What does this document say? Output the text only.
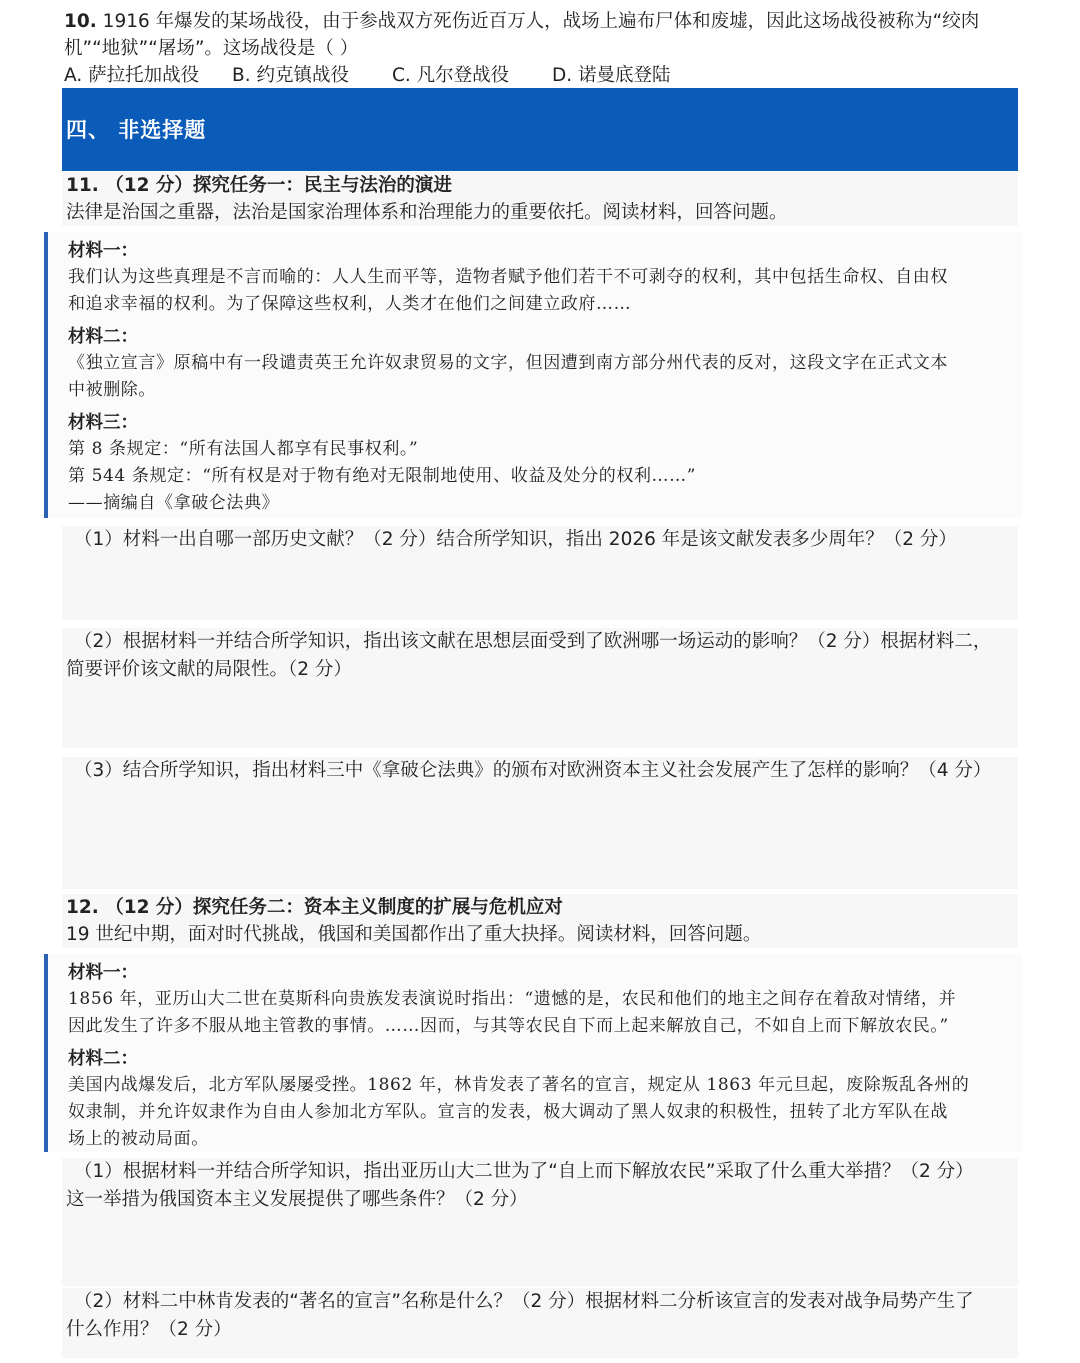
10. 1916 年爆发的某场战役，由于参战双方死伤近百万人，战场上遍布尸体和废墟，因此这场战役被称为“绞肉
机”“地狱”“屠场”。这场战役是（ ）
A. 萨拉托加战役 B. 约克镇战役 C. 凡尔登战役 D. 诺曼底登陆
四、 非选择题
11. （12 分）探究任务一：民主与法治的演进
法律是治国之重器，法治是国家治理体系和治理能力的重要依托。阅读材料，回答问题。
材料一：
我们认为这些真理是不言而喻的：人人生而平等，造物者赋予他们若干不可剥夺的权利，其中包括生命权、自由权
和追求幸福的权利。为了保障这些权利，人类才在他们之间建立政府……
材料二：
《独立宣言》原稿中有一段谴责英王允许奴隶贸易的文字，但因遭到南方部分州代表的反对，这段文字在正式文本
中被删除。
材料三：
第 8 条规定：“所有法国人都享有民事权利。”
第 544 条规定：“所有权是对于物有绝对无限制地使用、收益及处分的权利……”
——摘编自《拿破仑法典》
（1）材料一出自哪一部历史文献？（2 分）结合所学知识，指出 2026 年是该文献发表多少周年？（2 分）
（2）根据材料一并结合所学知识，指出该文献在思想层面受到了欧洲哪一场运动的影响？（2 分）根据材料二，
简要评价该文献的局限性。（2 分）
（3）结合所学知识，指出材料三中《拿破仑法典》的颁布对欧洲资本主义社会发展产生了怎样的影响？（4 分）
12. （12 分）探究任务二：资本主义制度的扩展与危机应对
19 世纪中期，面对时代挑战，俄国和美国都作出了重大抉择。阅读材料，回答问题。
材料一：
1856 年，亚历山大二世在莫斯科向贵族发表演说时指出：“遗憾的是，农民和他们的地主之间存在着敌对情绪，并
因此发生了许多不服从地主管教的事情。……因而，与其等农民自下而上起来解放自己，不如自上而下解放农民。”
材料二：
美国内战爆发后，北方军队屡屡受挫。1862 年，林肯发表了著名的宣言，规定从 1863 年元旦起，废除叛乱各州的
奴隶制，并允许奴隶作为自由人参加北方军队。宣言的发表，极大调动了黑人奴隶的积极性，扭转了北方军队在战
场上的被动局面。
（1）根据材料一并结合所学知识，指出亚历山大二世为了“自上而下解放农民”采取了什么重大举措？（2 分）
这一举措为俄国资本主义发展提供了哪些条件？（2 分）
（2）材料二中林肯发表的“著名的宣言”名称是什么？（2 分）根据材料二分析该宣言的发表对战争局势产生了
什么作用？（2 分）
